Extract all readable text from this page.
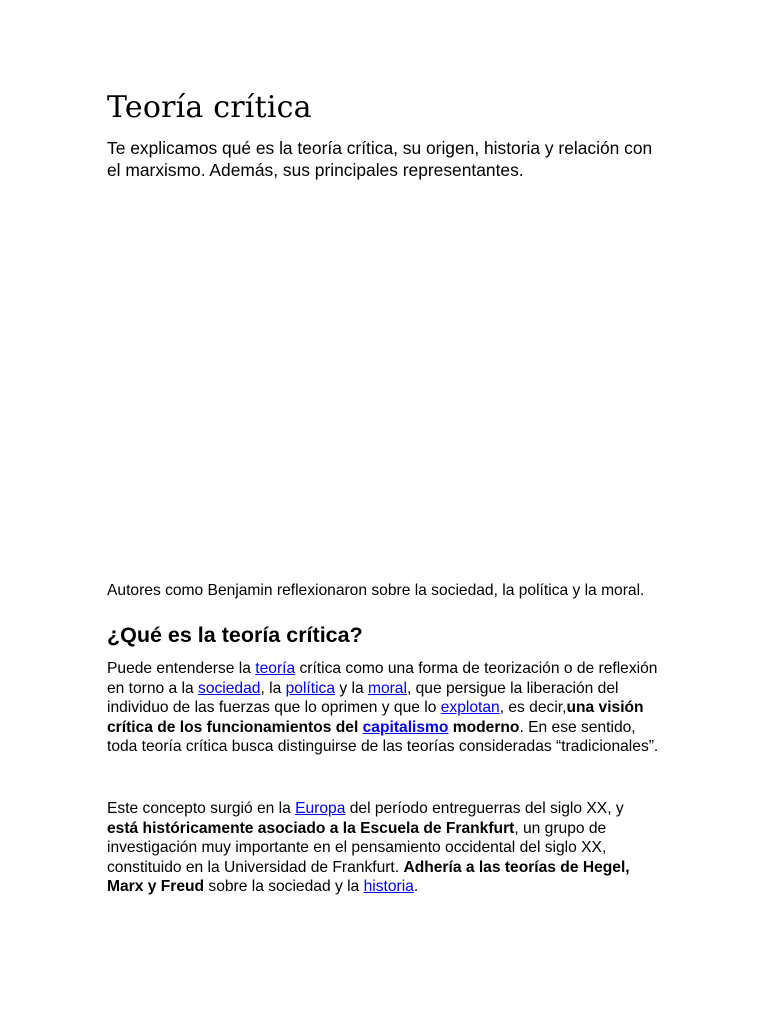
Teoría crítica

Te explicamos qué es la teoría crítica, su origen, historia y relación con el marxismo. Además, sus principales representantes.

Autores como Benjamin reflexionaron sobre la sociedad, la política y la moral.

¿Qué es la teoría crítica?

Puede entenderse la teoría crítica como una forma de teorización o de reflexión en torno a la sociedad, la política y la moral, que persigue la liberación del individuo de las fuerzas que lo oprimen y que lo explotan, es decir,una visión crítica de los funcionamientos del capitalismo moderno. En ese sentido, toda teoría crítica busca distinguirse de las teorías consideradas “tradicionales”.

Este concepto surgió en la Europa del período entreguerras del siglo XX, y está históricamente asociado a la Escuela de Frankfurt, un grupo de investigación muy importante en el pensamiento occidental del siglo XX, constituido en la Universidad de Frankfurt. Adhería a las teorías de Hegel, Marx y Freud sobre la sociedad y la historia.
